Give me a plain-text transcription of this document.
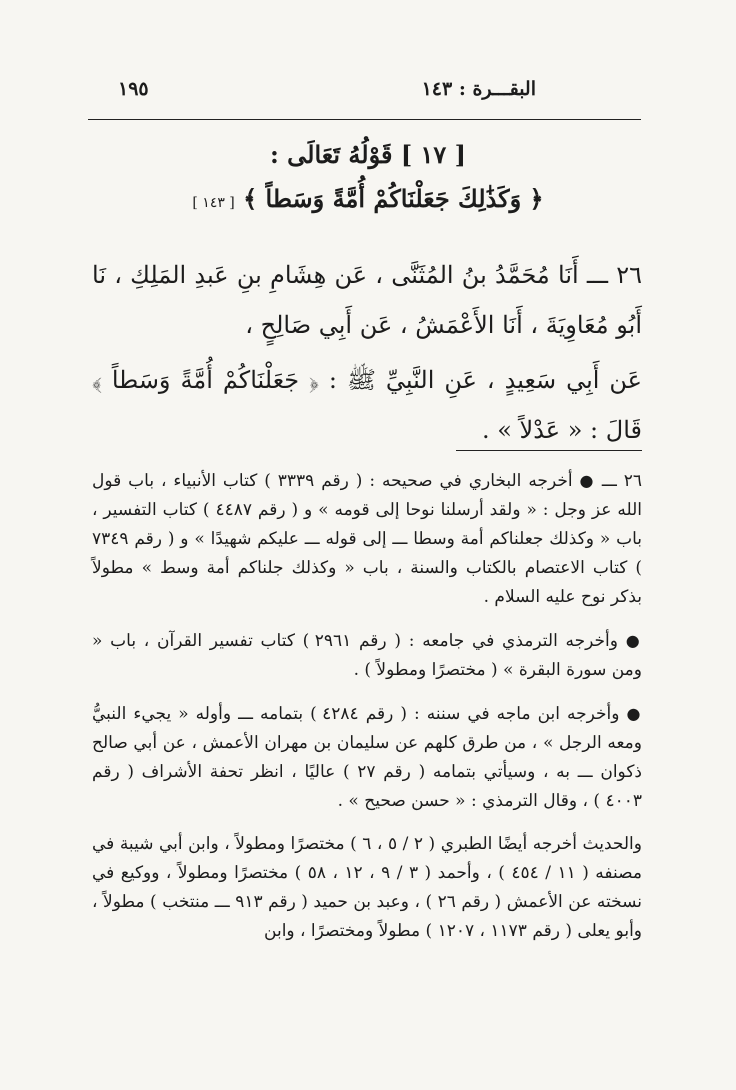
البقـــرة : ١٤٣
١٩٥
[ ١٧ ] قَوْلُهُ تَعَالَى :
﴿ وَكَذَٰلِكَ جَعَلْنَاكُمْ أُمَّةً وَسَطاً ﴾ [ ١٤٣ ]
٢٦ ـــ أَنَا مُحَمَّدُ بنُ المُثَنَّى ، عَن هِشَامِ بنِ عَبدِ المَلِكِ ، نَا أَبُو مُعَاوِيَةَ ، أَنَا الأَعْمَشُ ، عَن أَبِي صَالِحٍ ،
عَن أَبِي سَعِيدٍ ، عَنِ النَّبِيِّ ﷺ : ﴿ جَعَلْنَاكُمْ أُمَّةً وَسَطاً ﴾ قَالَ : « عَدْلاً » .

٢٦ ـــ ● أخرجه البخاري في صحيحه : ( رقم ٣٣٣٩ ) كتاب الأنبياء ، باب قول الله عز وجل : « ولقد أرسلنا نوحا إلى قومه » و ( رقم ٤٤٨٧ ) كتاب التفسير ، باب « وكذلك جعلناكم أمة وسطا ـــ إلى قوله ـــ عليكم شهيدًا » و ( رقم ٧٣٤٩ ) كتاب الاعتصام بالكتاب والسنة ، باب « وكذلك جلناكم أمة وسط » مطولاً بذكر نوح عليه السلام .

● وأخرجه الترمذي في جامعه : ( رقم ٢٩٦١ ) كتاب تفسير القرآن ، باب « ومن سورة البقرة » ( مختصرًا ومطولاً ) .

● وأخرجه ابن ماجه في سننه : ( رقم ٤٢٨٤ ) بتمامه ـــ وأوله « يجيء النبيُّ ومعه الرجل » ، من طرق كلهم عن سليمان بن مهران الأعمش ، عن أبي صالح ذكوان ـــ به ، وسيأتي بتمامه ( رقم ٢٧ ) عاليًا ، انظر تحفة الأشراف ( رقم ٤٠٠٣ ) ، وقال الترمذي : « حسن صحيح » .

والحديث أخرجه أيضًا الطبري ( ٢ / ٥ ، ٦ ) مختصرًا ومطولاً ، وابن أبي شيبة في مصنفه ( ١١ / ٤٥٤ ) ، وأحمد ( ٣ / ٩ ، ١٢ ، ٥٨ ) مختصرًا ومطولاً ، ووكيع في نسخته عن الأعمش ( رقم ٢٦ ) ، وعبد بن حميد ( رقم ٩١٣ ـــ منتخب ) مطولاً ، وأبو يعلى ( رقم ١١٧٣ ، ١٢٠٧ ) مطولاً ومختصرًا ، وابن
